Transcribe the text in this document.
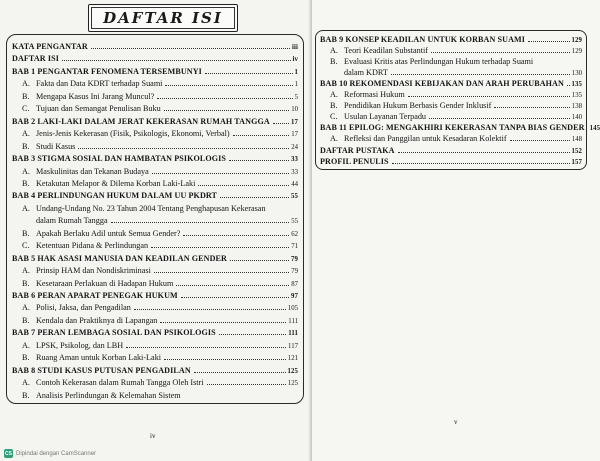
DAFTAR ISI
iv
CS Dipindai dengan CamScanner
v
KATA PENGANTAR	iii
DAFTAR ISI	iv
BAB 1 PENGANTAR FENOMENA TERSEMBUNYI	1
A. Fakta dan Data KDRT terhadap Suami	1
B. Mengapa Kasus Ini Jarang Muncul?	5
C. Tujuan dan Semangat Penulisan Buku	10
BAB 2 LAKI-LAKI DALAM JERAT KEKERASAN RUMAH TANGGA	17
A. Jenis-Jenis Kekerasan (Fisik, Psikologis, Ekonomi, Verbal)	17
B. Studi Kasus	24
BAB 3 STIGMA SOSIAL DAN HAMBATAN PSIKOLOGIS	33
A. Maskulinitas dan Tekanan Budaya	33
B. Ketakutan Melapor & Dilema Korban Laki-Laki	44
BAB 4 PERLINDUNGAN HUKUM DALAM UU PKDRT	55
A. Undang-Undang No. 23 Tahun 2004 Tentang Penghapusan Kekerasan
dalam Rumah Tangga	55
B. Apakah Berlaku Adil untuk Semua Gender?	62
C. Ketentuan Pidana & Perlindungan	71
BAB 5 HAK ASASI MANUSIA DAN KEADILAN GENDER	79
A. Prinsip HAM dan Nondiskriminasi	79
B. Kesetaraan Perlakuan di Hadapan Hukum	87
BAB 6 PERAN APARAT PENEGAK HUKUM	97
A. Polisi, Jaksa, dan Pengadilan	105
B. Kendala dan Praktiknya di Lapangan	111
BAB 7 PERAN LEMBAGA SOSIAL DAN PSIKOLOGIS	111
A. LPSK, Psikolog, dan LBH	117
B. Ruang Aman untuk Korban Laki-Laki	121
BAB 8 STUDI KASUS PUTUSAN PENGADILAN	125
A. Contoh Kekerasan dalam Rumah Tangga Oleh Istri	125
B. Analisis Perlindungan & Kelemahan Sistem
BAB 9 KONSEP KEADILAN UNTUK KORBAN SUAMI	129
A. Teori Keadilan Substantif	129
B. Evaluasi Kritis atas Perlindungan Hukum terhadap Suami
dalam KDRT	130
BAB 10 REKOMENDASI KEBIJAKAN DAN ARAH PERUBAHAN 135
A. Reformasi Hukum	135
B. Pendidikan Hukum Berbasis Gender Inklusif	138
C. Usulan Layanan Terpadu	140
BAB 11 EPILOG: MENGAKHIRI KEKERASAN TANPA BIAS GENDER 145
A. Refleksi dan Panggilan untuk Kesadaran Kolektif	148
DAFTAR PUSTAKA	152
PROFIL PENULIS	157
